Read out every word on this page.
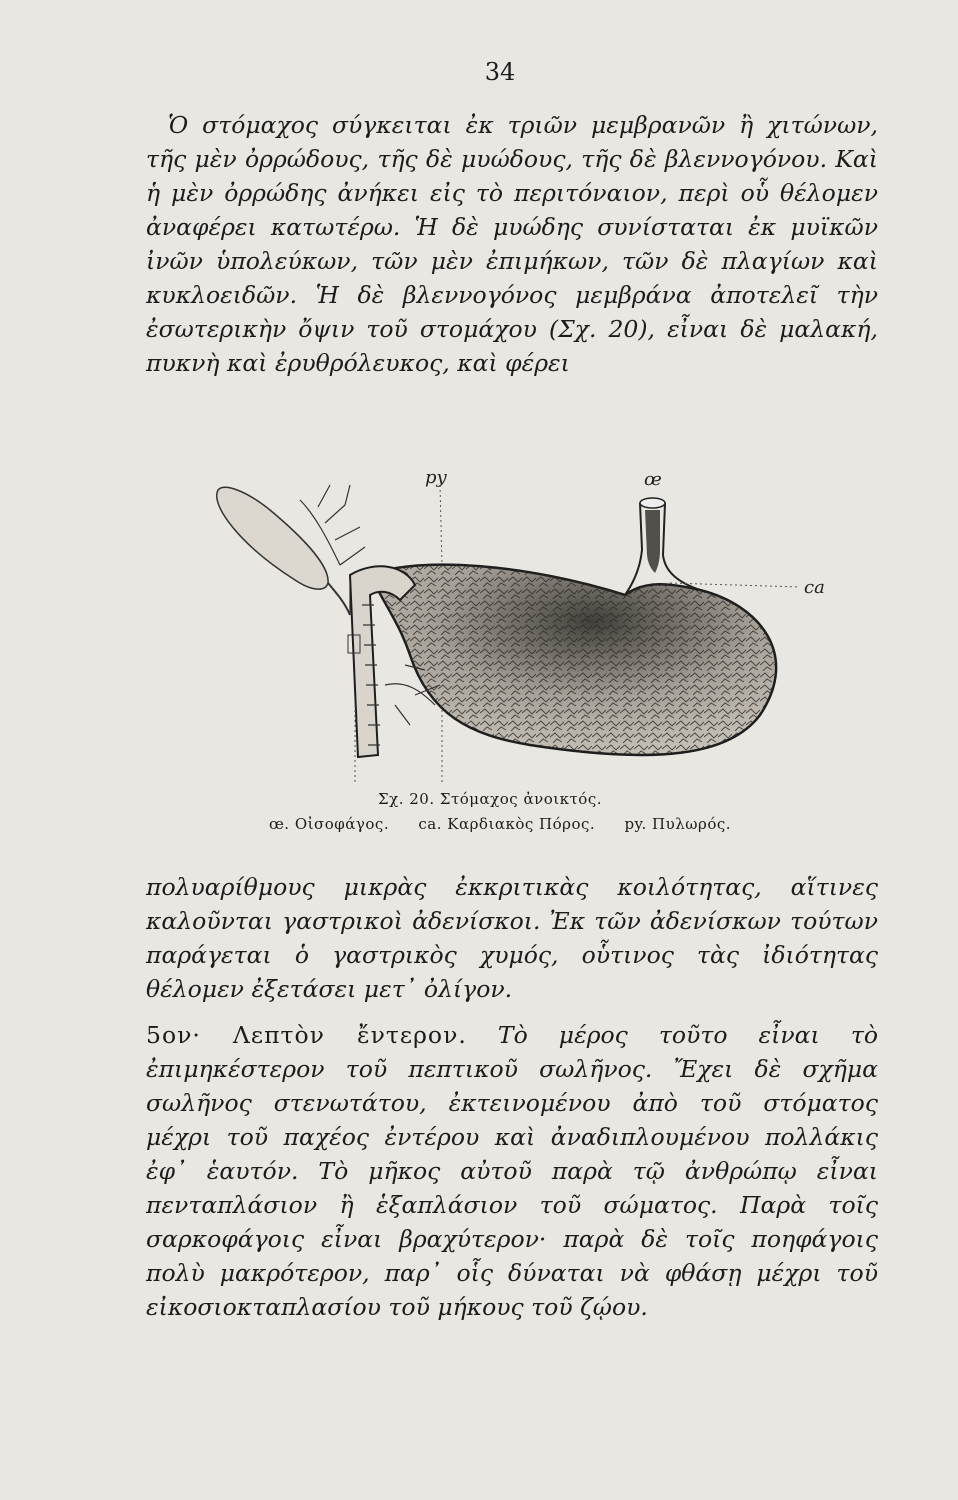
34

Ὁ στόμαχος σύγκειται ἐκ τριῶν μεμβρανῶν ἢ χιτώνων, τῆς μὲν ὀρρώδους, τῆς δὲ μυώδους, τῆς δὲ βλεννογόνου. Καὶ ἡ μὲν ὀρρώδης ἀνήκει εἰς τὸ περιτόναιον, περὶ οὗ θέλομεν ἀναφέρει κατωτέρω. Ἡ δὲ μυώδης συνίσταται ἐκ μυϊκῶν ἰνῶν ὑπολεύκων, τῶν μὲν ἐπιμήκων, τῶν δὲ πλαγίων καὶ κυκλοειδῶν. Ἡ δὲ βλεννογόνος μεμβράνα ἀποτελεῖ τὴν ἐσωτερικὴν ὄψιν τοῦ στομάχου (Σχ. 20), εἶναι δὲ μαλακή, πυκνὴ καὶ ἐρυθρόλευκος, καὶ φέρει

py	œ
ca

Σχ. 20. Στόμαχος ἀνοικτός.

œ. Οἰσοφάγος. ca. Καρδιακὸς Πόρος. py. Πυλωρός.

πολυαρίθμους μικρὰς ἐκκριτικὰς κοιλότητας, αἵτινες καλοῦνται γαστρικοὶ ἀδενίσκοι. Ἐκ τῶν ἀδενίσκων τούτων παράγεται ὁ γαστρικὸς χυμός, οὗτινος τὰς ἰδιότητας θέλομεν ἐξετάσει μετ᾽ ὀλίγον.

5ον· Λεπτὸν ἔντερον. Τὸ μέρος τοῦτο εἶναι τὸ ἐπιμηκέστερον τοῦ πεπτικοῦ σωλῆνος. Ἔχει δὲ σχῆμα σωλῆνος στενωτάτου, ἐκτεινομένου ἀπὸ τοῦ στόματος μέχρι τοῦ παχέος ἐντέρου καὶ ἀναδιπλουμένου πολλάκις ἐφ᾽ ἑαυτόν. Τὸ μῆκος αὐτοῦ παρὰ τῷ ἀνθρώπῳ εἶναι πενταπλάσιον ἢ ἑξαπλάσιον τοῦ σώματος. Παρὰ τοῖς σαρκοφάγοις εἶναι βραχύτερον· παρὰ δὲ τοῖς ποηφάγοις πολὺ μακρότερον, παρ᾽ οἷς δύναται νὰ φθάσῃ μέχρι τοῦ εἰκοσιοκταπλασίου τοῦ μήκους τοῦ ζῴου.
